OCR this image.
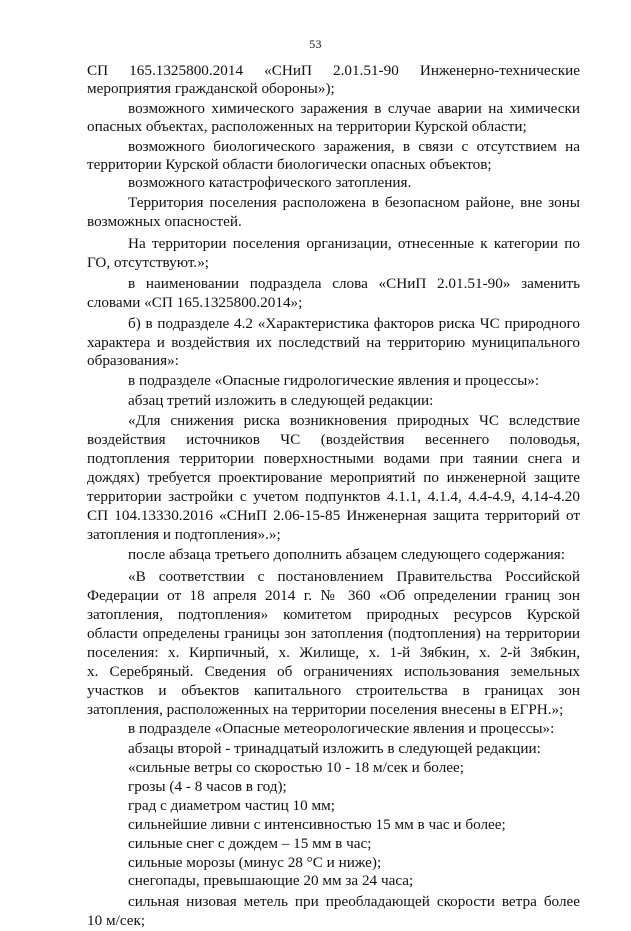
53
СП 165.1325800.2014 «СНиП 2.01.51-90 Инженерно-технические
мероприятия гражданской обороны»);
возможного химического заражения в случае аварии на химически
опасных объектах, расположенных на территории Курской области;
возможного биологического заражения, в связи с отсутствием на
территории Курской области биологически опасных объектов;
возможного катастрофического затопления.
Территория поселения расположена в безопасном районе, вне зоны
возможных опасностей.
На территории поселения организации, отнесенные к категории по
ГО, отсутствуют.»;
в наименовании подраздела слова «СНиП 2.01.51-90» заменить
словами «СП 165.1325800.2014»;
б) в подразделе 4.2 «Характеристика факторов риска ЧС природного
характера и воздействия их последствий на территорию муниципального
образования»:
в подразделе «Опасные гидрологические явления и процессы»:
абзац третий изложить в следующей редакции:
«Для снижения риска возникновения природных ЧС вследствие
воздействия источников ЧС (воздействия весеннего половодья,
подтопления территории поверхностными водами при таянии снега и
дождях) требуется проектирование мероприятий по инженерной защите
территории застройки с учетом подпунктов 4.1.1, 4.1.4, 4.4-4.9, 4.14-4.20
СП 104.13330.2016 «СНиП 2.06-15-85 Инженерная защита территорий от
затопления и подтопления».»;
после абзаца третьего дополнить абзацем следующего содержания:
«В соответствии с постановлением Правительства Российской
Федерации от 18 апреля 2014 г. № 360 «Об определении границ зон
затопления, подтопления» комитетом природных ресурсов Курской
области определены границы зон затопления (подтопления) на территории
поселения: х. Кирпичный, х. Жилище, х. 1-й Зябкин, х. 2-й Зябкин,
х. Серебряный. Сведения об ограничениях использования земельных
участков и объектов капитального строительства в границах зон
затопления, расположенных на территории поселения внесены в ЕГРН.»;
в подразделе «Опасные метеорологические явления и процессы»:
абзацы второй - тринадцатый изложить в следующей редакции:
«сильные ветры со скоростью 10 - 18 м/сек и более;
грозы (4 - 8 часов в год);
град с диаметром частиц 10 мм;
сильнейшие ливни с интенсивностью 15 мм в час и более;
сильные снег с дождем – 15 мм в час;
сильные морозы (минус 28 °С и ниже);
снегопады, превышающие 20 мм за 24 часа;
сильная низовая метель при преобладающей скорости ветра более
10 м/сек;
